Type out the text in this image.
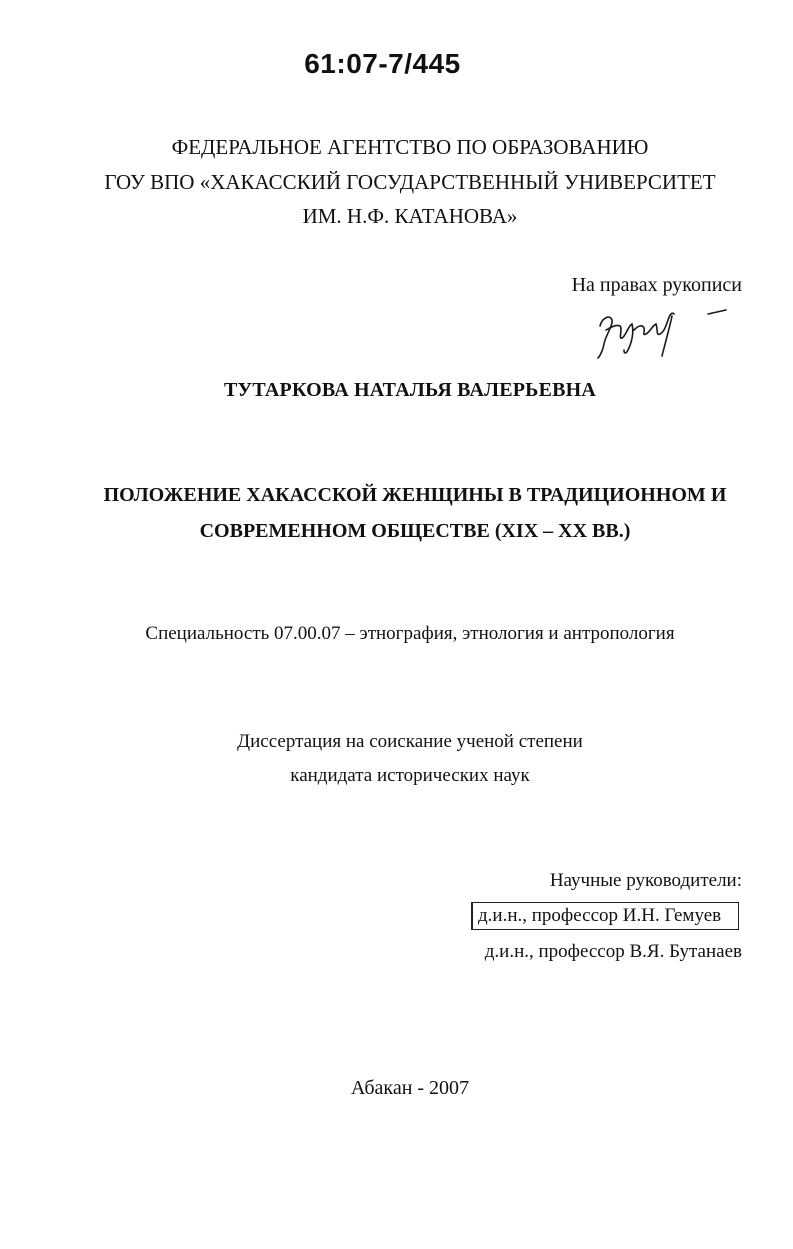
61:07-7/445
ФЕДЕРАЛЬНОЕ АГЕНТСТВО ПО ОБРАЗОВАНИЮ
ГОУ ВПО «ХАКАССКИЙ ГОСУДАРСТВЕННЫЙ УНИВЕРСИТЕТ
ИМ. Н.Ф. КАТАНОВА»
На правах рукописи
ТУТАРКОВА НАТАЛЬЯ ВАЛЕРЬЕВНА
ПОЛОЖЕНИЕ ХАКАССКОЙ ЖЕНЩИНЫ В ТРАДИЦИОННОМ И
СОВРЕМЕННОМ ОБЩЕСТВЕ (XIX – XX ВВ.)
Специальность 07.00.07 – этнография, этнология и антропология
Диссертация на соискание ученой степени
кандидата исторических наук
Научные руководители:
д.и.н., профессор И.Н. Гемуев
д.и.н., профессор В.Я. Бутанаев
Абакан - 2007
